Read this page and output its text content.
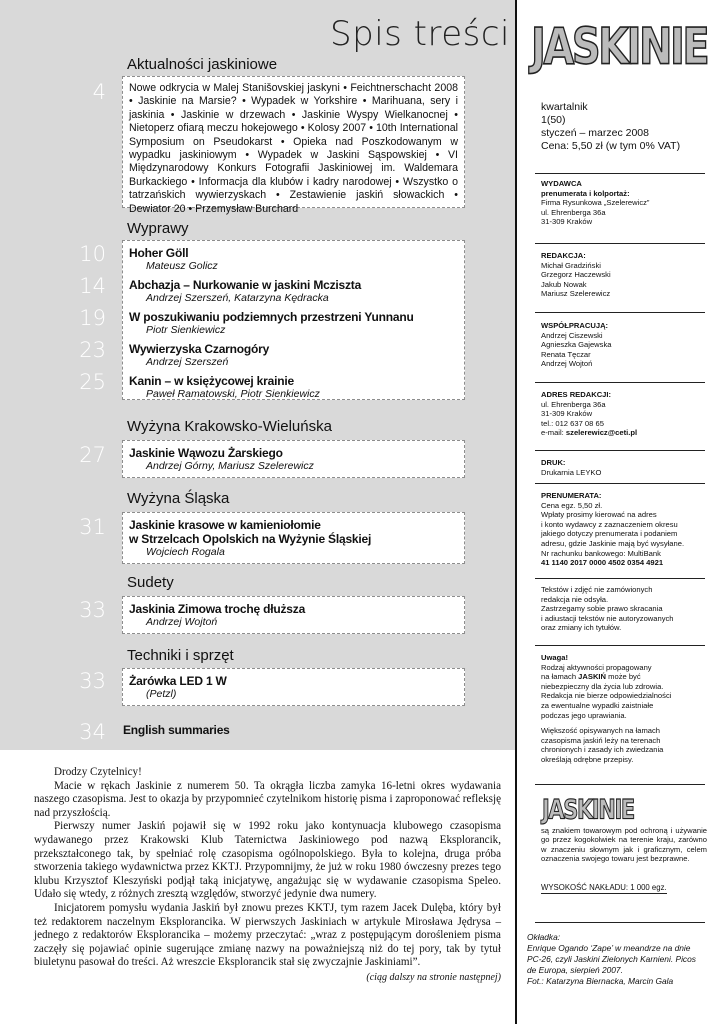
Spis treści
Aktualności jaskiniowe
4	Nowe odkrycia w Malej Stanišovskiej jaskyni • Feichtnerschacht 2008 • Jaskinie na Marsie? • Wypadek w Yorkshire • Marihuana, sery i jaskinia • Jaskinie w drzewach • Jaskinie Wyspy Wielkanocnej • Nietoperz ofiarą meczu hokejowego • Kolosy 2007 • 10th International Symposium on Pseudokarst • Opieka nad Poszkodowanym w wypadku jaskiniowym • Wypadek w Jaskini Sąspowskiej • VI Międzynarodowy Konkurs Fotografii Jaskiniowej im. Waldemara Burkackiego • Informacja dla klubów i kadry narodowej • Wszystko o tatrzańskich wywierzyskach • Zestawienie jaskiń słowackich • Dewiator 20 • Przemysław Burchard
Wyprawy
Hoher Göll
Mateusz Golicz
Abchazja – Nurkowanie w jaskini Mcziszta
Andrzej Szerszeń, Katarzyna Kędracka
W poszukiwaniu podziemnych przestrzeni Yunnanu
Piotr Sienkiewicz
Wywierzyska Czarnogóry
Andrzej Szerszeń
Kanin – w księżycowej krainie
Paweł Ramatowski, Piotr Sienkiewicz
10
14
19
23
25
Wyżyna Krakowsko-Wieluńska
27 Jaskinie Wąwozu Żarskiego
Andrzej Górny, Mariusz Szelerewicz
Wyżyna Śląska
31 Jaskinie krasowe w kamieniołomie
w Strzelcach Opolskich na Wyżynie Śląskiej
Wojciech Rogala
Sudety
33 Jaskinia Zimowa trochę dłuższa
Andrzej Wojtoń
Techniki i sprzęt
33 Żarówka LED 1 W
(Petzl)
34 English summaries

Drodzy Czytelnicy!

Macie w rękach Jaskinie z numerem 50. Ta okrągła liczba zamyka 16-letni okres wydawania naszego czasopisma. Jest to okazja by przypomnieć czytelnikom historię pisma i zaproponować refleksję nad przyszłością.

Pierwszy numer Jaskiń pojawił się w 1992 roku jako kontynuacja klubowego czasopisma wydawanego przez Krakowski Klub Taternictwa Jaskiniowego pod nazwą Eksplorancik, przekształconego tak, by spełniać rolę czasopisma ogólnopolskiego. Była to kolejna, druga próba stworzenia takiego wydawnictwa przez KKTJ. Przypomnijmy, że już w roku 1980 ówczesny prezes tego klubu Krzysztof Kleszyński podjął taką inicjatywę, angażując się w wydawanie czasopisma Speleo. Udało się wtedy, z różnych zresztą względów, stworzyć jedynie dwa numery.

Inicjatorem pomysłu wydania Jaskiń był znowu prezes KKTJ, tym razem Jacek Dulęba, który był też redaktorem naczelnym Eksplorancika. W pierwszych Jaskiniach w artykule Mirosława Jędrysa – jednego z redaktorów Eksplorancika – możemy przeczytać: „wraz z postępującym doroślenie​m pisma zaczęły się pojawiać opinie sugerujące zmianę nazwy na poważniejszą niż do tej pory, tak by tytuł biuletynu pasował do treści. Aż wreszcie Eksplorancik stał się zwyczajnie Jaskiniami”.

(ciąg dalszy na stronie następnej)

JASKINIE
kwartalnik
1(50)
styczeń – marzec 2008
Cena: 5,50 zł (w tym 0% VAT)
WYDAWCA
prenumerata i kolportaż:
Firma Rysunkowa „Szelerewicz”
ul. Ehrenberga 36a
31-309 Kraków
REDAKCJA:
Michał Gradziński
Grzegorz Haczewski
Jakub Nowak
Mariusz Szelerewicz
WSPÓŁPRACUJĄ:
Andrzej Ciszewski
Agnieszka Gajewska
Renata Tęczar
Andrzej Wojtoń
ADRES REDAKCJI:
ul. Ehrenberga 36a
31-309 Kraków
tel.: 012 637 08 65
e-mail: szelerewicz@ceti.pl
DRUK:
Drukarnia LEYKO
PRENUMERATA:
Cena egz. 5,50 zł.
Wpłaty prosimy kierować na adres
i konto wydawcy z zaznaczeniem okresu
jakiego dotyczy prenumerata i podaniem
adresu, gdzie Jaskinie mają być wysyłane.
Nr rachunku bankowego: MultiBank
41 1140 2017 0000 4502 0354 4921
Tekstów i zdjęć nie zamówionych
redakcja nie odsyła.
Zastrzegamy sobie prawo skracania
i adiustacji tekstów nie autoryzowanych
oraz zmiany ich tytułów.
Uwaga!
Rodzaj aktywności propagowany
na łamach JASKIŃ może być
niebezpieczny dla życia lub zdrowia.
Redakcja nie bierze odpowiedzialności
za ewentualne wypadki zaistniałe
podczas jego uprawiania.
Większość opisywanych na łamach
czasopisma jaskiń leży na terenach
chronionych i zasady ich zwiedzania
określają odrębne przepisy.
JASKINIE
są znakiem towarowym pod ochroną i używanie go przez kogokolwiek na terenie kraju, zarówno w znaczeniu słownym jak i graficznym, celem oznaczenia swojego towaru jest bezprawne.
WYSOKOŚĆ NAKŁADU: 1 000 egz.
Okładka:
Enrique Ogando ‘Zape’ w meandrze na dnie PC-26, czyli Jaskini Zielonych Karnieni. Picos de Europa, sierpień 2007.
Fot.: Katarzyna Biernacka, Marcin Gala
